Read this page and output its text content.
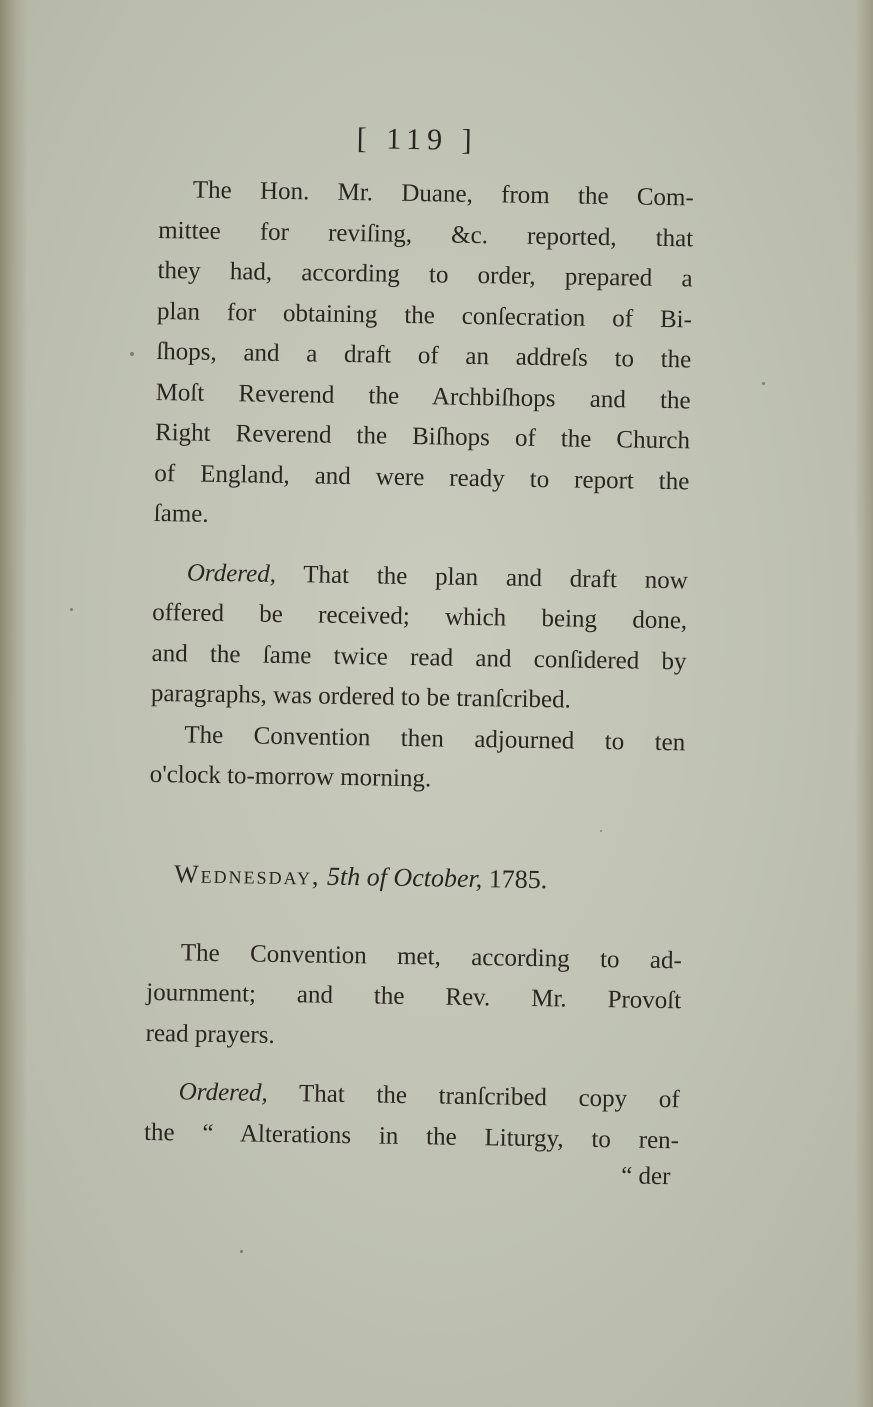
[ 119 ]

The Hon. Mr. Duane, from the Com-
mittee for reviſing, &c. reported, that
they had, according to order, prepared a
plan for obtaining the conſecration of Bi-
ſhops, and a draft of an addreſs to the
Moſt Reverend the Archbiſhops and the
Right Reverend the Biſhops of the Church
of England, and were ready to report the
ſame.

Ordered, That the plan and draft now
offered be received; which being done,
and the ſame twice read and conſidered by
paragraphs, was ordered to be tranſcribed.

The Convention then adjourned to ten
o'clock to-morrow morning.

Wednesday, 5th of October, 1785.

The Convention met, according to ad-
journment; and the Rev. Mr. Provoſt
read prayers.

Ordered, That the tranſcribed copy of
the “ Alterations in the Liturgy, to ren-

“ der
